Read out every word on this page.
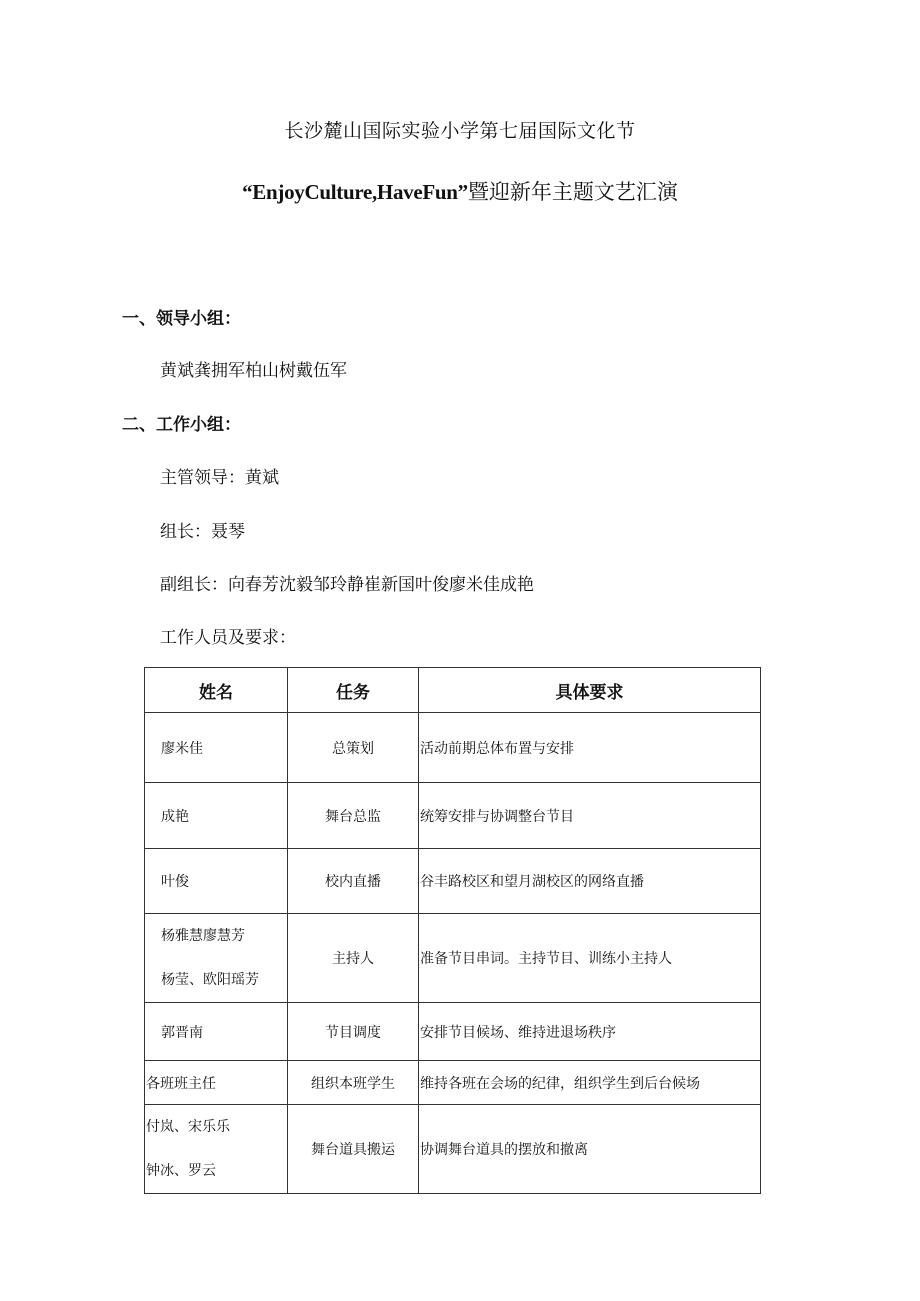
长沙麓山国际实验小学第七届国际文化节
“EnjoyCulture,HaveFun”暨迎新年主题文艺汇演
一、领导小组：
黄斌龚拥军柏山树戴伍军
二、工作小组：
主管领导：黄斌
组长：聂琴
副组长：向春芳沈毅邹玲静崔新国叶俊廖米佳成艳
工作人员及要求：
姓名	任务	具体要求
廖米佳	总策划	活动前期总体布置与安排
成艳	舞台总监	统筹安排与协调整台节目
叶俊	校内直播	谷丰路校区和望月湖校区的网络直播

杨雅慧廖慧芳
杨莹、欧阳瑶芳	主持人	准备节目串词。主持节目、训练小主持人
郭晋南	节目调度	安排节目候场、维持进退场秩序
各班班主任	组织本班学生	维持各班在会场的纪律，组织学生到后台候场

付岚、宋乐乐
钟冰、罗云	舞台道具搬运	协调舞台道具的摆放和撤离
